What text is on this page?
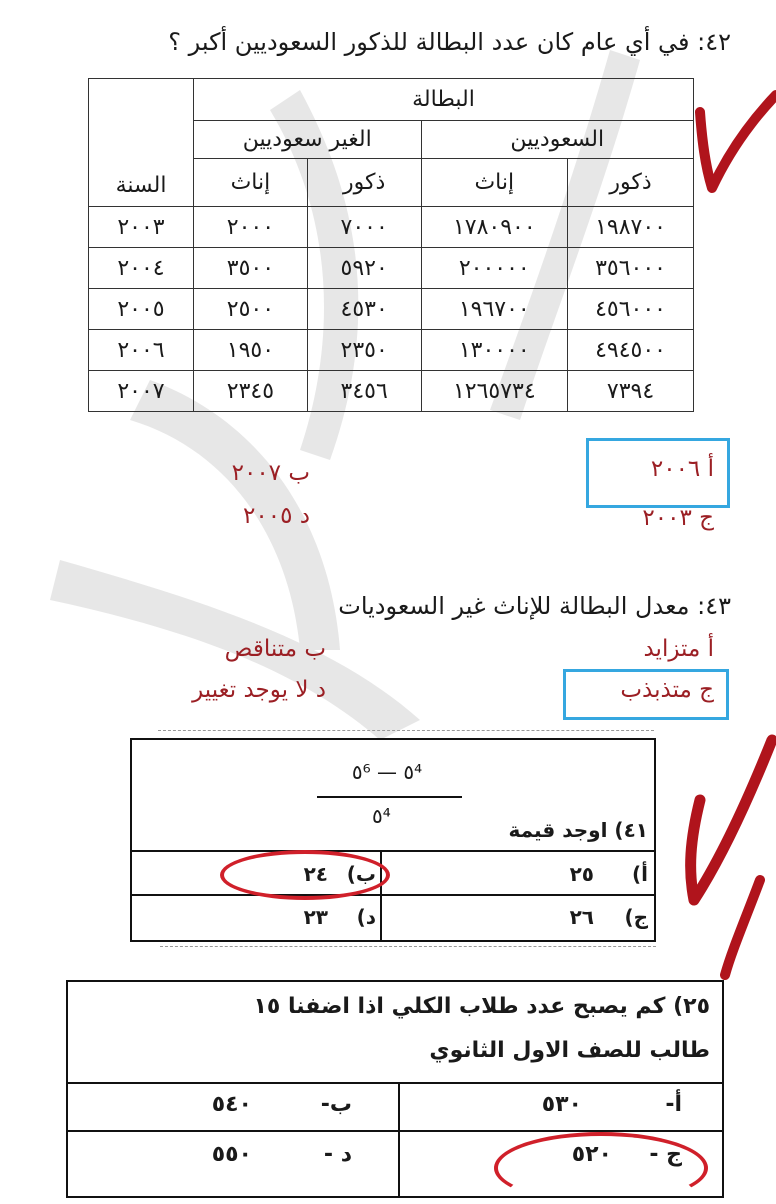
٤٢: في أي عام كان عدد البطالة للذكور السعوديين أكبر ؟
البطالة				السنة
السعوديين		الغير سعوديين		
ذكور	إناث	ذكور	إناث	
١٩٨٧٠٠	١٧٨٠٩٠٠	٧٠٠٠	٢٠٠٠	٢٠٠٣
٣٥٦٠٠٠	٢٠٠٠٠٠	٥٩٢٠	٣٥٠٠	٢٠٠٤
٤٥٦٠٠٠	١٩٦٧٠٠	٤٥٣٠	٢٥٠٠	٢٠٠٥
٤٩٤٥٠٠	١٣٠٠٠٠	٢٣٥٠	١٩٥٠	٢٠٠٦
٧٣٩٤	١٢٦٥٧٣٤	٣٤٥٦	٢٣٤٥	٢٠٠٧
أ ٢٠٠٦
ج ٢٠٠٣
ب ٢٠٠٧
د ٢٠٠٥
٤٣: معدل البطالة للإناث غير السعوديات
أ متزايد
ج متذبذب
ب متناقص
د لا يوجد تغيير
٥⁶ — ٥⁴
٥⁴
٤١) اوجد قيمة
أ)
٢٥
ج)
٢٦
ب)
٢٤
د)
٢٣
٢٥) كم يصبح عدد طلاب الكلي اذا اضفنا ١٥
طالب للصف الاول الثانوي
أ-
٥٣٠
ج -
٥٢٠
ب-
٥٤٠
د -
٥٥٠
